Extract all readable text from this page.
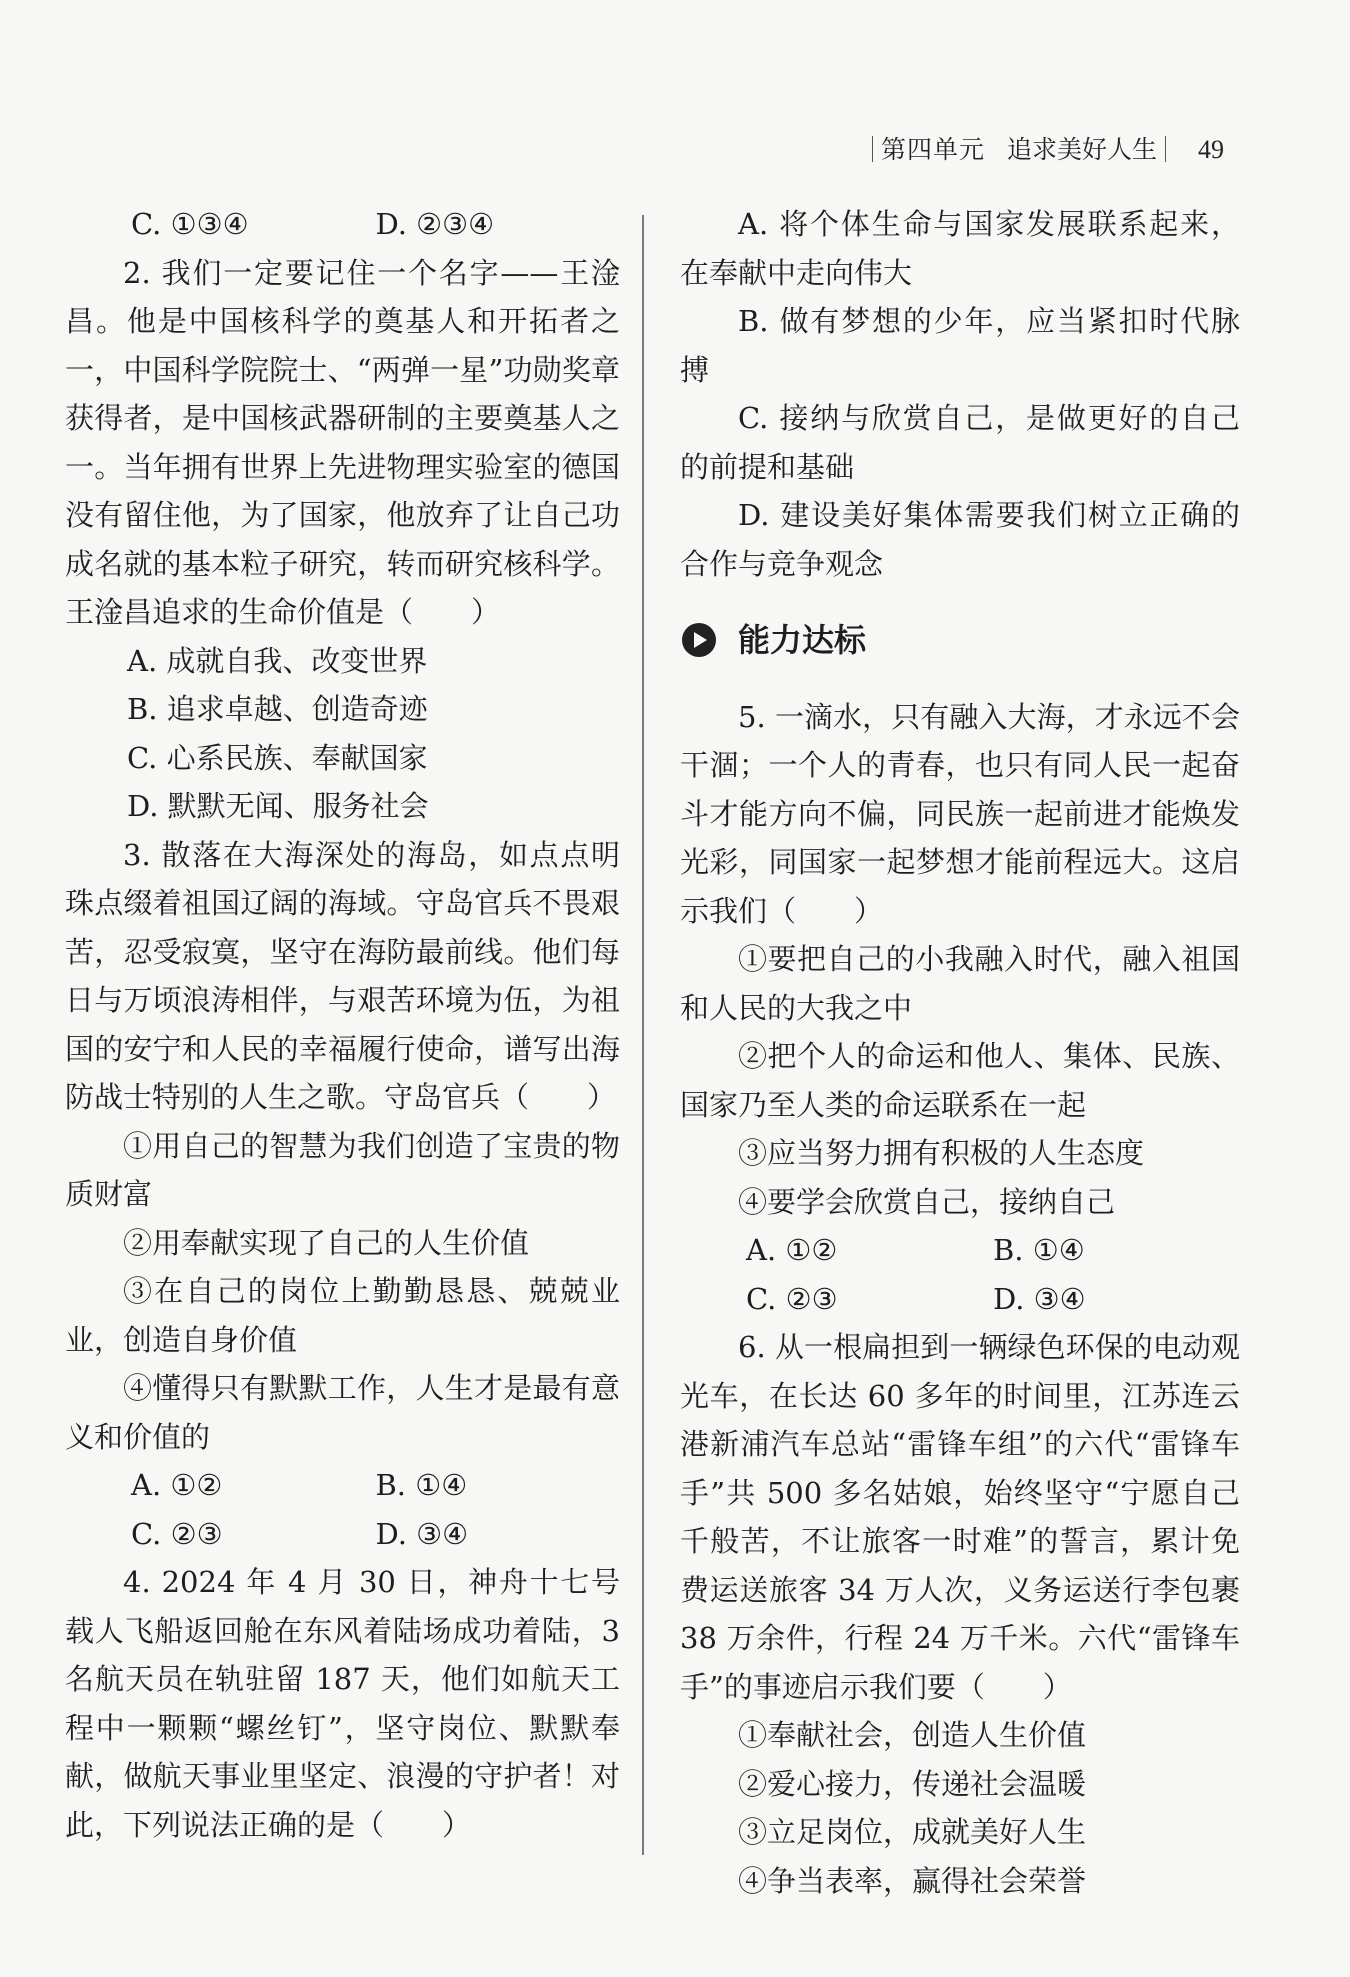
第四单元 追求美好人生 49
C. ①③④	D. ②③④

2. 我们一定要记住一个名字——王淦昌。他是中国核科学的奠基人和开拓者之一，中国科学院院士、“两弹一星”功勋奖章获得者，是中国核武器研制的主要奠基人之一。当年拥有世界上先进物理实验室的德国没有留住他，为了国家，他放弃了让自己功成名就的基本粒子研究，转而研究核科学。王淦昌追求的生命价值是（　　）

A. 成就自我、改变世界

B. 追求卓越、创造奇迹

C. 心系民族、奉献国家

D. 默默无闻、服务社会

3. 散落在大海深处的海岛，如点点明珠点缀着祖国辽阔的海域。守岛官兵不畏艰苦，忍受寂寞，坚守在海防最前线。他们每日与万顷浪涛相伴，与艰苦环境为伍，为祖国的安宁和人民的幸福履行使命，谱写出海防战士特别的人生之歌。守岛官兵（　　）

①用自己的智慧为我们创造了宝贵的物质财富

②用奉献实现了自己的人生价值

③在自己的岗位上勤勤恳恳、兢兢业业，创造自身价值

④懂得只有默默工作，人生才是最有意义和价值的

A. ①②	B. ①④
C. ②③	D. ③④

4. 2024 年 4 月 30 日，神舟十七号载人飞船返回舱在东风着陆场成功着陆，3 名航天员在轨驻留 187 天，他们如航天工程中一颗颗“螺丝钉”，坚守岗位、默默奉献，做航天事业里坚定、浪漫的守护者！对此，下列说法正确的是（　　）

A. 将个体生命与国家发展联系起来，在奉献中走向伟大

B. 做有梦想的少年，应当紧扣时代脉搏

C. 接纳与欣赏自己，是做更好的自己的前提和基础

D. 建设美好集体需要我们树立正确的合作与竞争观念

能力达标

5. 一滴水，只有融入大海，才永远不会干涸；一个人的青春，也只有同人民一起奋斗才能方向不偏，同民族一起前进才能焕发光彩，同国家一起梦想才能前程远大。这启示我们（　　）

①要把自己的小我融入时代，融入祖国和人民的大我之中

②把个人的命运和他人、集体、民族、国家乃至人类的命运联系在一起

③应当努力拥有积极的人生态度

④要学会欣赏自己，接纳自己

A. ①②	B. ①④
C. ②③	D. ③④

6. 从一根扁担到一辆绿色环保的电动观光车，在长达 60 多年的时间里，江苏连云港新浦汽车总站“雷锋车组”的六代“雷锋车手”共 500 多名姑娘，始终坚守“宁愿自己千般苦，不让旅客一时难”的誓言，累计免费运送旅客 34 万人次，义务运送行李包裹 38 万余件，行程 24 万千米。六代“雷锋车手”的事迹启示我们要（　　）

①奉献社会，创造人生价值

②爱心接力，传递社会温暖

③立足岗位，成就美好人生

④争当表率，赢得社会荣誉
